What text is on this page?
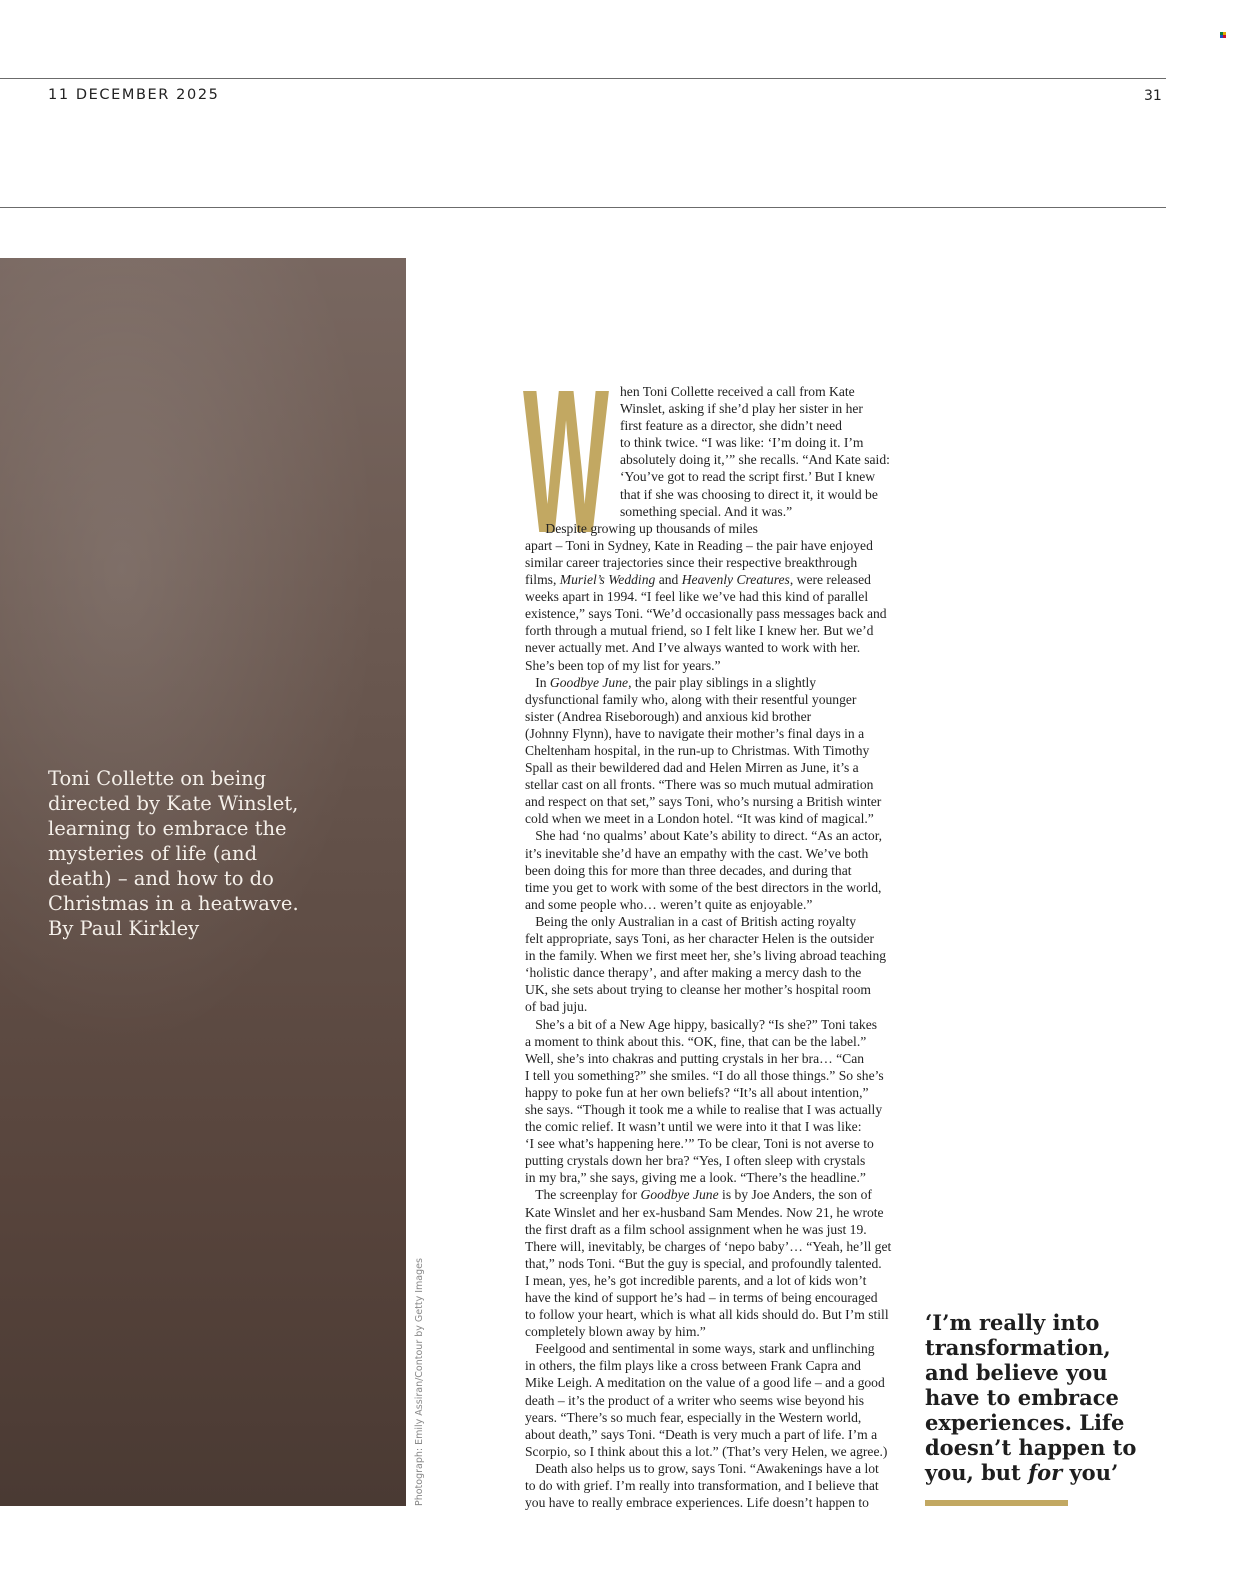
11 DECEMBER 2025	31
Toni Collette on being
directed by Kate Winslet,
learning to embrace the
mysteries of life (and
death) – and how to do
Christmas in a heatwave.
By Paul Kirkley
Photograph: Emily Assiran/Contour by Getty Images
W hen Toni Collette received a call from Kate
Winslet, asking if she’d play her sister in her
first feature as a director, she didn’t need
to think twice. “I was like: ‘I’m doing it. I’m
absolutely doing it,’” she recalls. “And Kate said:
‘You’ve got to read the script first.’ But I knew
that if she was choosing to direct it, it would be
something special. And it was.”
Despite growing up thousands of miles
apart – Toni in Sydney, Kate in Reading – the pair have enjoyed
similar career trajectories since their respective breakthrough
films, Muriel’s Wedding and Heavenly Creatures, were released
weeks apart in 1994. “I feel like we’ve had this kind of parallel
existence,” says Toni. “We’d occasionally pass messages back and
forth through a mutual friend, so I felt like I knew her. But we’d
never actually met. And I’ve always wanted to work with her.
She’s been top of my list for years.”
In Goodbye June, the pair play siblings in a slightly
dysfunctional family who, along with their resentful younger
sister (Andrea Riseborough) and anxious kid brother
(Johnny Flynn), have to navigate their mother’s final days in a
Cheltenham hospital, in the run-up to Christmas. With Timothy
Spall as their bewildered dad and Helen Mirren as June, it’s a
stellar cast on all fronts. “There was so much mutual admiration
and respect on that set,” says Toni, who’s nursing a British winter
cold when we meet in a London hotel. “It was kind of magical.”
She had ‘no qualms’ about Kate’s ability to direct. “As an actor,
it’s inevitable she’d have an empathy with the cast. We’ve both
been doing this for more than three decades, and during that
time you get to work with some of the best directors in the world,
and some people who… weren’t quite as enjoyable.”
Being the only Australian in a cast of British acting royalty
felt appropriate, says Toni, as her character Helen is the outsider
in the family. When we first meet her, she’s living abroad teaching
‘holistic dance therapy’, and after making a mercy dash to the
UK, she sets about trying to cleanse her mother’s hospital room
of bad juju.
She’s a bit of a New Age hippy, basically? “Is she?” Toni takes
a moment to think about this. “OK, fine, that can be the label.”
Well, she’s into chakras and putting crystals in her bra… “Can
I tell you something?” she smiles. “I do all those things.” So she’s
happy to poke fun at her own beliefs? “It’s all about intention,”
she says. “Though it took me a while to realise that I was actually
the comic relief. It wasn’t until we were into it that I was like:
‘I see what’s happening here.’” To be clear, Toni is not averse to
putting crystals down her bra? “Yes, I often sleep with crystals
in my bra,” she says, giving me a look. “There’s the headline.”
The screenplay for Goodbye June is by Joe Anders, the son of
Kate Winslet and her ex-husband Sam Mendes. Now 21, he wrote
the first draft as a film school assignment when he was just 19.
There will, inevitably, be charges of ‘nepo baby’… “Yeah, he’ll get
that,” nods Toni. “But the guy is special, and profoundly talented.
I mean, yes, he’s got incredible parents, and a lot of kids won’t
have the kind of support he’s had – in terms of being encouraged
to follow your heart, which is what all kids should do. But I’m still
completely blown away by him.”
Feelgood and sentimental in some ways, stark and unflinching
in others, the film plays like a cross between Frank Capra and
Mike Leigh. A meditation on the value of a good life – and a good
death – it’s the product of a writer who seems wise beyond his
years. “There’s so much fear, especially in the Western world,
about death,” says Toni. “Death is very much a part of life. I’m a
Scorpio, so I think about this a lot.” (That’s very Helen, we agree.)
Death also helps us to grow, says Toni. “Awakenings have a lot
to do with grief. I’m really into transformation, and I believe that
you have to really embrace experiences. Life doesn’t happen to
‘I’m really into
transformation,
and believe you
have to embrace
experiences. Life
doesn’t happen to
you, but for you’
